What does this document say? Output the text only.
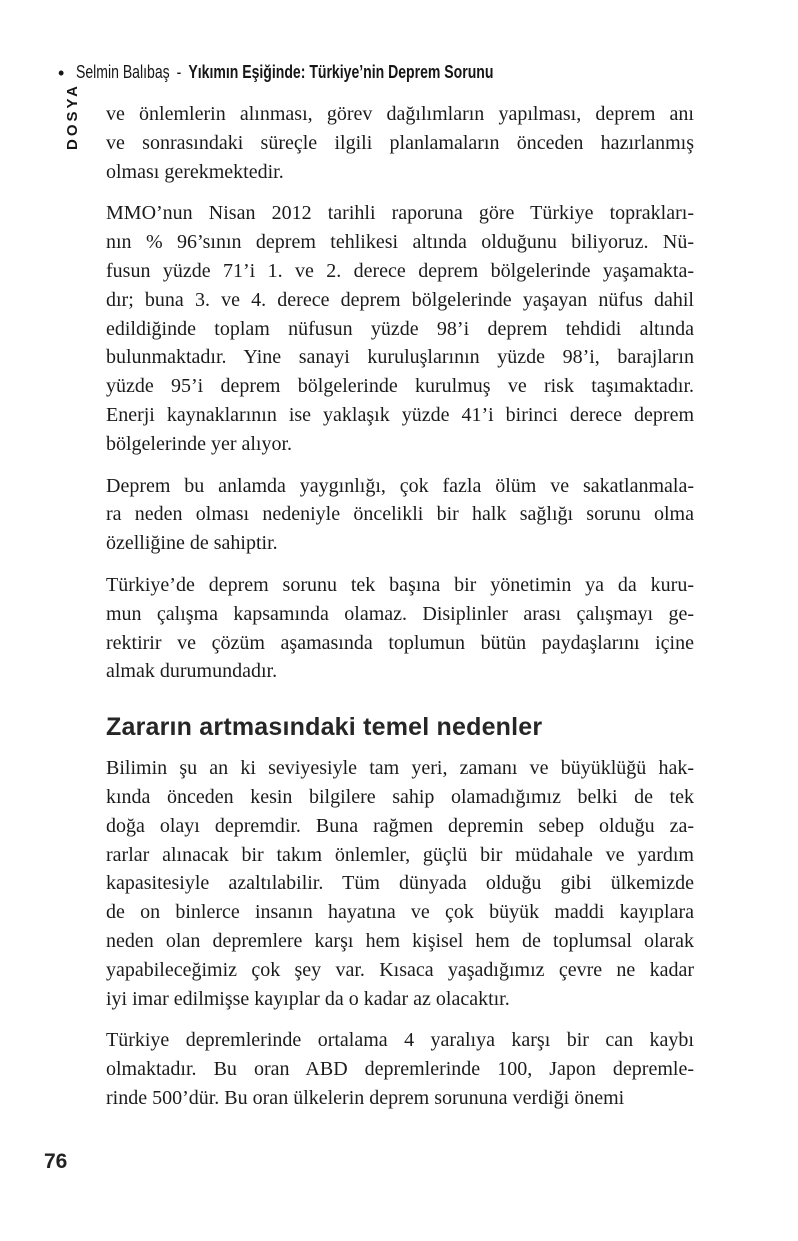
• Selmin Balıbaş - Yıkımın Eşiğinde: Türkiye’nin Deprem Sorunu
DOSYA ve önlemlerin alınması, görev dağılımların yapılması, deprem anı
ve sonrasındaki süreçle ilgili planlamaların önceden hazırlanmış
olması gerekmektedir.

MMO’nun Nisan 2012 tarihli raporuna göre Türkiye toprakları-
nın % 96’sının deprem tehlikesi altında olduğunu biliyoruz. Nü-
fusun yüzde 71’i 1. ve 2. derece deprem bölgelerinde yaşamakta-
dır; buna 3. ve 4. derece deprem bölgelerinde yaşayan nüfus dahil
edildiğinde toplam nüfusun yüzde 98’i deprem tehdidi altında
bulunmaktadır. Yine sanayi kuruluşlarının yüzde 98’i, barajların
yüzde 95’i deprem bölgelerinde kurulmuş ve risk taşımaktadır.
Enerji kaynaklarının ise yaklaşık yüzde 41’i birinci derece deprem
bölgelerinde yer alıyor.

Deprem bu anlamda yaygınlığı, çok fazla ölüm ve sakatlanmala-
ra neden olması nedeniyle öncelikli bir halk sağlığı sorunu olma
özelliğine de sahiptir.

Türkiye’de deprem sorunu tek başına bir yönetimin ya da kuru-
mun çalışma kapsamında olamaz. Disiplinler arası çalışmayı ge-
rektirir ve çözüm aşamasında toplumun bütün paydaşlarını içine
almak durumundadır.

Zararın artmasındaki temel nedenler

Bilimin şu an ki seviyesiyle tam yeri, zamanı ve büyüklüğü hak-
kında önceden kesin bilgilere sahip olamadığımız belki de tek
doğa olayı depremdir. Buna rağmen depremin sebep olduğu za-
rarlar alınacak bir takım önlemler, güçlü bir müdahale ve yardım
kapasitesiyle azaltılabilir. Tüm dünyada olduğu gibi ülkemizde
de on binlerce insanın hayatına ve çok büyük maddi kayıplara
neden olan depremlere karşı hem kişisel hem de toplumsal olarak
yapabileceğimiz çok şey var. Kısaca yaşadığımız çevre ne kadar
iyi imar edilmişse kayıplar da o kadar az olacaktır.

Türkiye depremlerinde ortalama 4 yaralıya karşı bir can kaybı
olmaktadır. Bu oran ABD depremlerinde 100, Japon depremle-
rinde 500’dür. Bu oran ülkelerin deprem sorununa verdiği önemi

76
